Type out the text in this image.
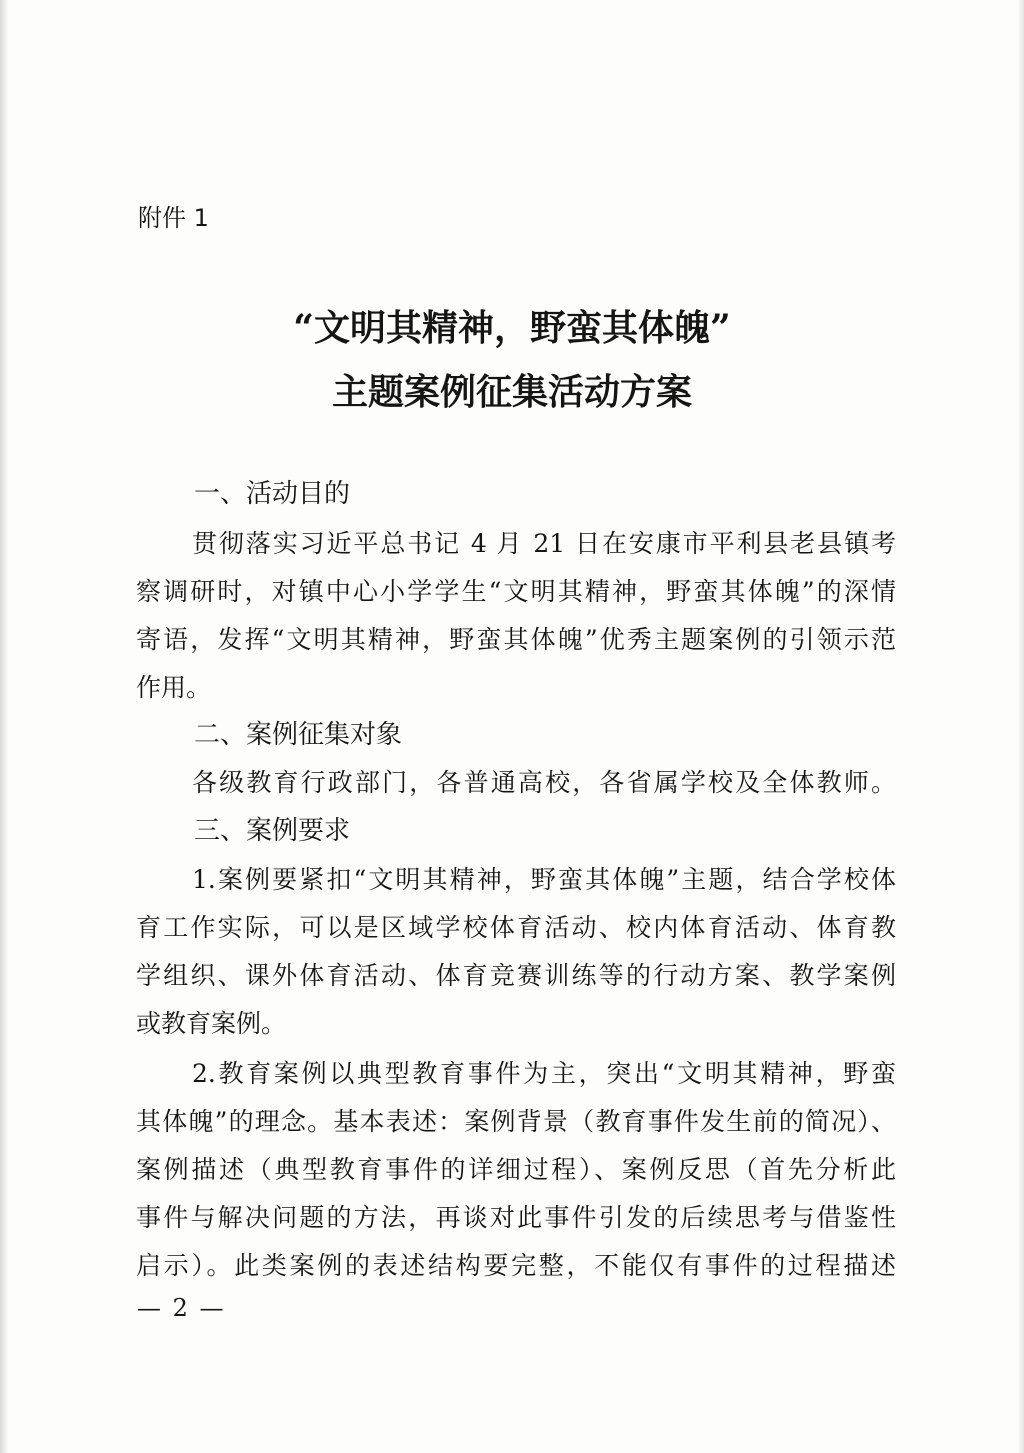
附件 1
“文明其精神，野蛮其体魄”
主题案例征集活动方案
一、活动目的
贯彻落实习近平总书记 4 月 21 日在安康市平利县老县镇考
察调研时，对镇中心小学学生“文明其精神，野蛮其体魄”的深情
寄语，发挥“文明其精神，野蛮其体魄”优秀主题案例的引领示范
作用。
二、案例征集对象
各级教育行政部门，各普通高校，各省属学校及全体教师。
三、案例要求
1.案例要紧扣“文明其精神，野蛮其体魄”主题，结合学校体
育工作实际，可以是区域学校体育活动、校内体育活动、体育教
学组织、课外体育活动、体育竞赛训练等的行动方案、教学案例
或教育案例。
2.教育案例以典型教育事件为主，突出“文明其精神，野蛮
其体魄”的理念。基本表述：案例背景（教育事件发生前的简况）、
案例描述（典型教育事件的详细过程）、案例反思（首先分析此
事件与解决问题的方法，再谈对此事件引发的后续思考与借鉴性
启示）。此类案例的表述结构要完整，不能仅有事件的过程描述
— 2 —
